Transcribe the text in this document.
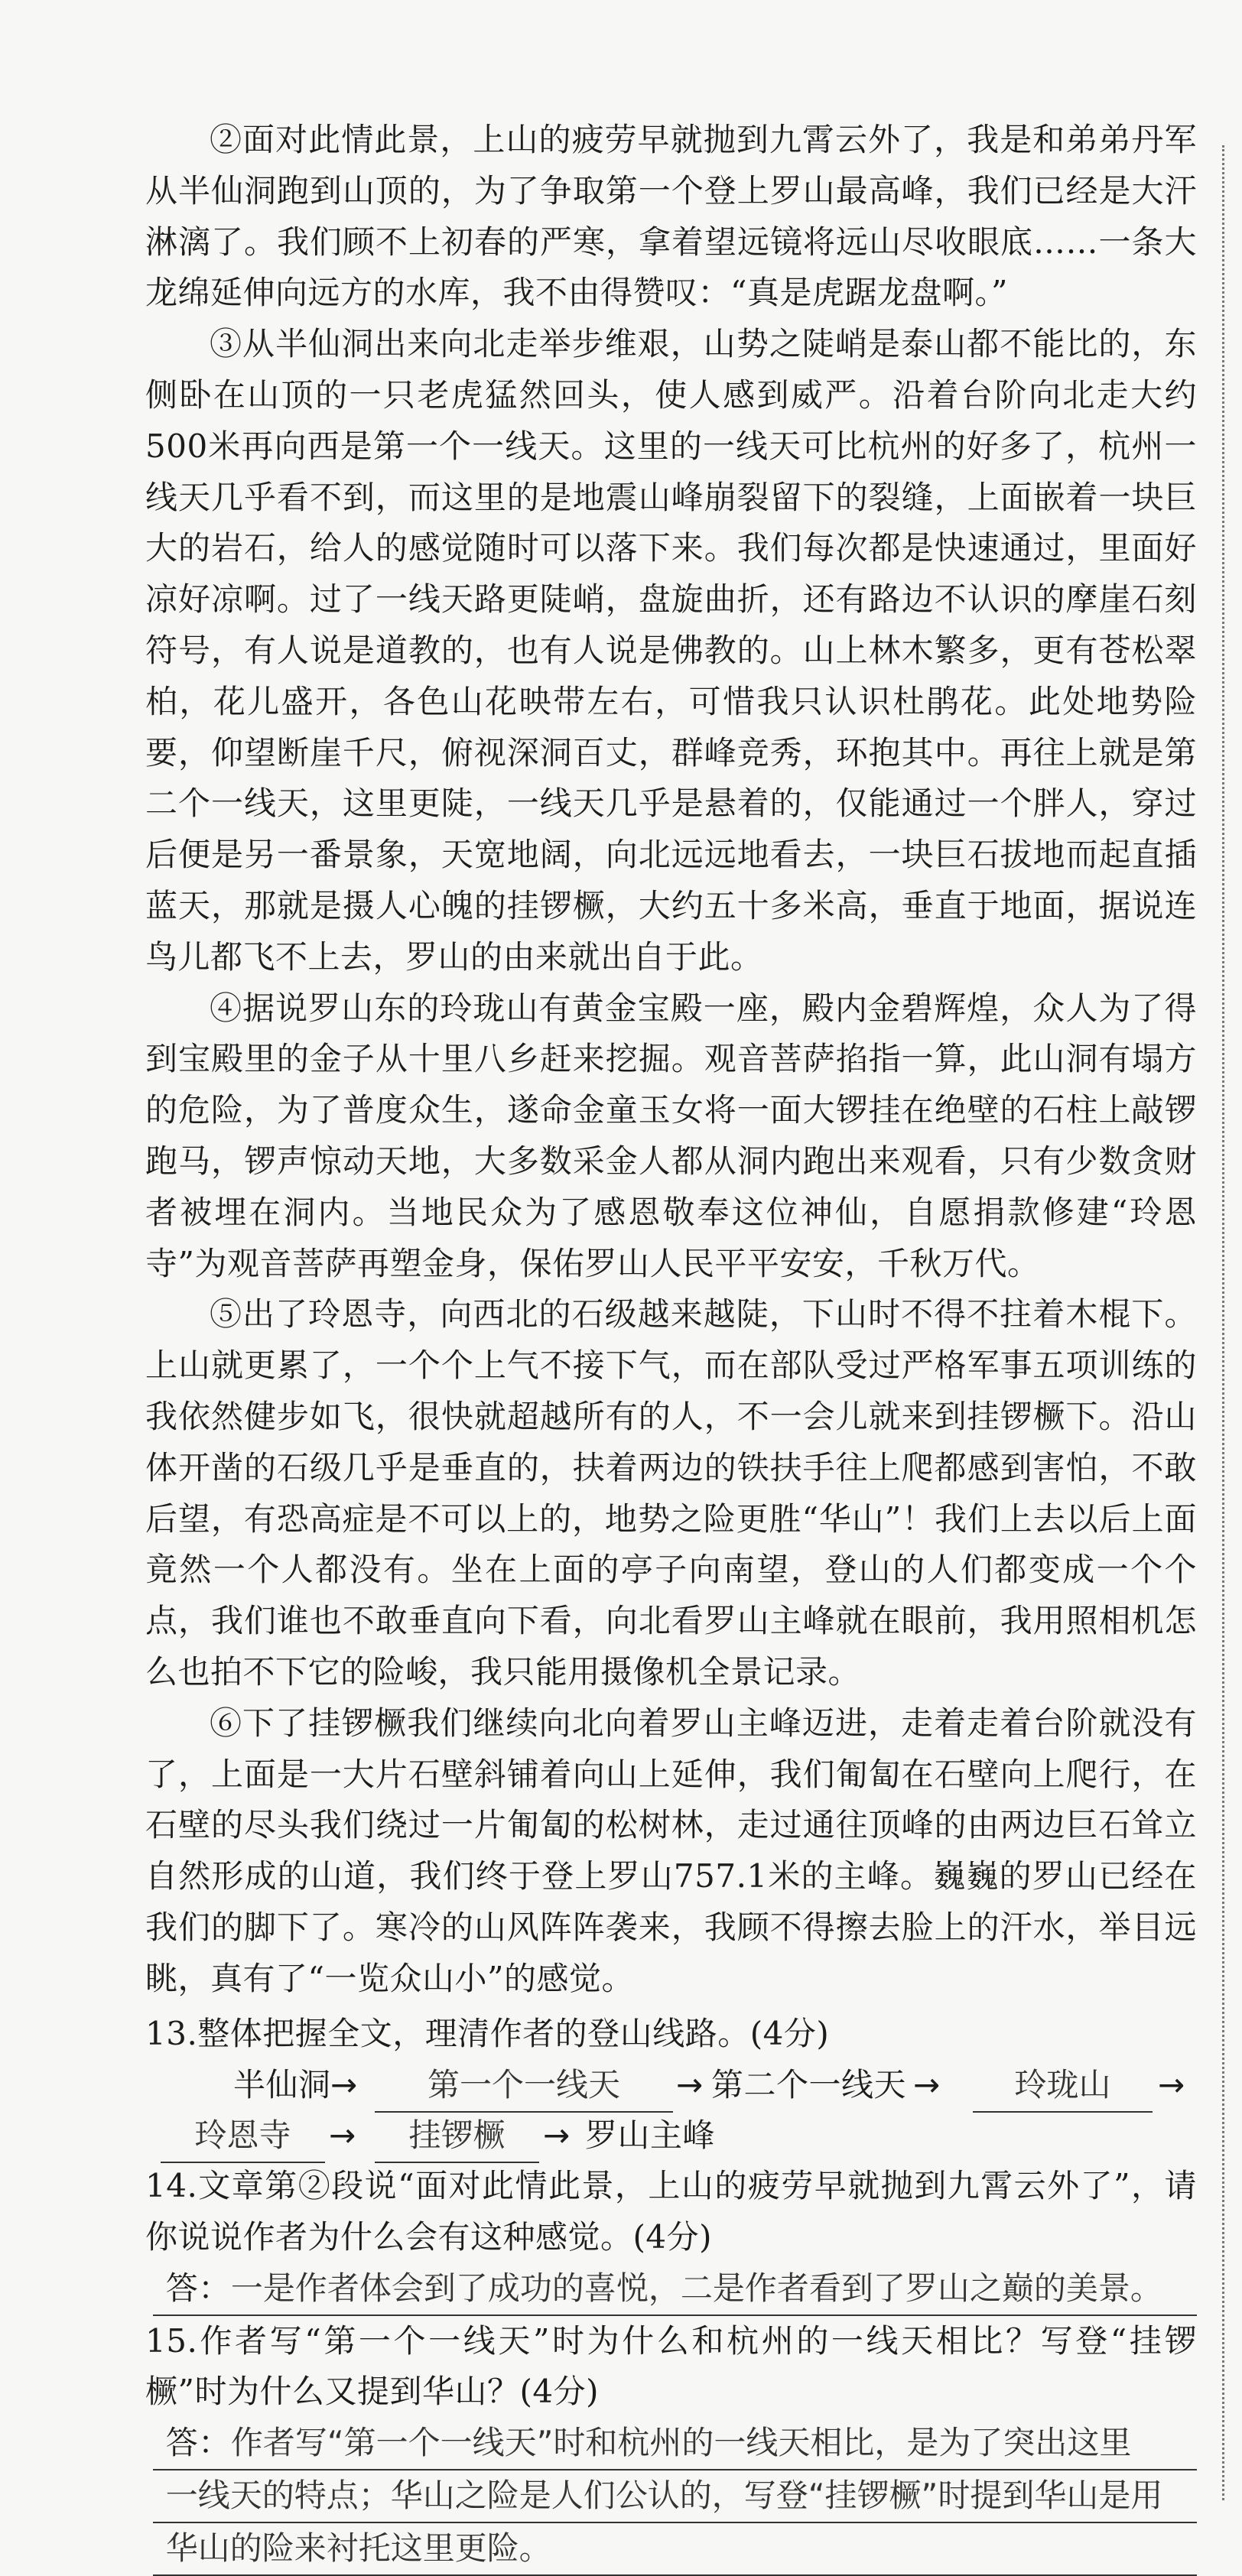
②面对此情此景，上山的疲劳早就抛到九霄云外了，我是和弟弟丹军从半仙洞跑到山顶的，为了争取第一个登上罗山最高峰，我们已经是大汗淋漓了。我们顾不上初春的严寒，拿着望远镜将远山尽收眼底……一条大龙绵延伸向远方的水库，我不由得赞叹：“真是虎踞龙盘啊。”

③从半仙洞出来向北走举步维艰，山势之陡峭是泰山都不能比的，东侧卧在山顶的一只老虎猛然回头，使人感到威严。沿着台阶向北走大约500米再向西是第一个一线天。这里的一线天可比杭州的好多了，杭州一线天几乎看不到，而这里的是地震山峰崩裂留下的裂缝，上面嵌着一块巨大的岩石，给人的感觉随时可以落下来。我们每次都是快速通过，里面好凉好凉啊。过了一线天路更陡峭，盘旋曲折，还有路边不认识的摩崖石刻符号，有人说是道教的，也有人说是佛教的。山上林木繁多，更有苍松翠柏，花儿盛开，各色山花映带左右，可惜我只认识杜鹃花。此处地势险要，仰望断崖千尺，俯视深洞百丈，群峰竞秀，环抱其中。再往上就是第二个一线天，这里更陡，一线天几乎是悬着的，仅能通过一个胖人，穿过后便是另一番景象，天宽地阔，向北远远地看去，一块巨石拔地而起直插蓝天，那就是摄人心魄的挂锣橛，大约五十多米高，垂直于地面，据说连鸟儿都飞不上去，罗山的由来就出自于此。

④据说罗山东的玲珑山有黄金宝殿一座，殿内金碧辉煌，众人为了得到宝殿里的金子从十里八乡赶来挖掘。观音菩萨掐指一算，此山洞有塌方的危险，为了普度众生，遂命金童玉女将一面大锣挂在绝壁的石柱上敲锣跑马，锣声惊动天地，大多数采金人都从洞内跑出来观看，只有少数贪财者被埋在洞内。当地民众为了感恩敬奉这位神仙，自愿捐款修建“玲恩寺”为观音菩萨再塑金身，保佑罗山人民平平安安，千秋万代。

⑤出了玲恩寺，向西北的石级越来越陡，下山时不得不拄着木棍下。上山就更累了，一个个上气不接下气，而在部队受过严格军事五项训练的我依然健步如飞，很快就超越所有的人，不一会儿就来到挂锣橛下。沿山体开凿的石级几乎是垂直的，扶着两边的铁扶手往上爬都感到害怕，不敢后望，有恐高症是不可以上的，地势之险更胜“华山”！我们上去以后上面竟然一个人都没有。坐在上面的亭子向南望，登山的人们都变成一个个点，我们谁也不敢垂直向下看，向北看罗山主峰就在眼前，我用照相机怎么也拍不下它的险峻，我只能用摄像机全景记录。

⑥下了挂锣橛我们继续向北向着罗山主峰迈进，走着走着台阶就没有了，上面是一大片石壁斜铺着向山上延伸，我们匍匐在石壁向上爬行，在石壁的尽头我们绕过一片匍匐的松树林，走过通往顶峰的由两边巨石耸立自然形成的山道，我们终于登上罗山757.1米的主峰。巍巍的罗山已经在我们的脚下了。寒冷的山风阵阵袭来，我顾不得擦去脸上的汗水，举目远眺，真有了“一览众山小”的感觉。

13.整体把握全文，理清作者的登山线路。(4分)

半仙洞 →	第一个一线天	→ 第二个一线天 →	玲珑山	→
玲恩寺	→	挂锣橛	→ 罗山主峰

14.文章第②段说“面对此情此景，上山的疲劳早就抛到九霄云外了”，请你说说作者为什么会有这种感觉。(4分)

答：一是作者体会到了成功的喜悦，二是作者看到了罗山之巅的美景。

15.作者写“第一个一线天”时为什么和杭州的一线天相比？写登“挂锣橛”时为什么又提到华山？(4分)

答：作者写“第一个一线天”时和杭州的一线天相比，是为了突出这里

一线天的特点；华山之险是人们公认的，写登“挂锣橛”时提到华山是用

华山的险来衬托这里更险。
